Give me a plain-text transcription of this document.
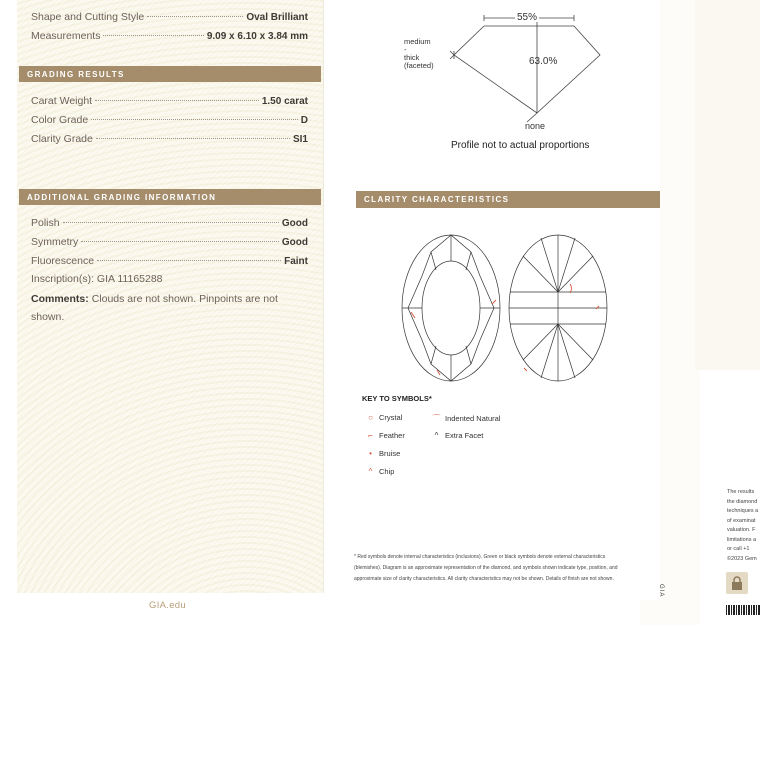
Shape and Cutting Style	Oval Brilliant
Measurements	9.09 x 6.10 x 3.84 mm
GRADING RESULTS
Carat Weight	1.50 carat
Color Grade	D
Clarity Grade	SI1
ADDITIONAL GRADING INFORMATION
Polish	Good
Symmetry	Good
Fluorescence	Faint
Inscription(s): GIA 11165288
Comments: Clouds are not shown. Pinpoints are not
shown.
GIA.edu
55%
63.0%
medium
-
thick
(faceted)
none
Profile not to actual proportions
CLARITY CHARACTERISTICS
KEY TO SYMBOLS*
○ Crystal	⌒ Indented Natural
⌐ Feather	^ Extra Facet
• Bruise
^ Chip
* Red symbols denote internal characteristics (inclusions). Green or black symbols denote external characteristics
(blemishes). Diagram is an approximate representation of the diamond, and symbols shown indicate type, position, and
approximate size of clarity characteristics. All clarity characteristics may not be shown. Details of finish are not shown.
GIA
The results
the diamond
techniques a
of examinat
valuation. F
limitations a
or call +1
©2023 Gem
